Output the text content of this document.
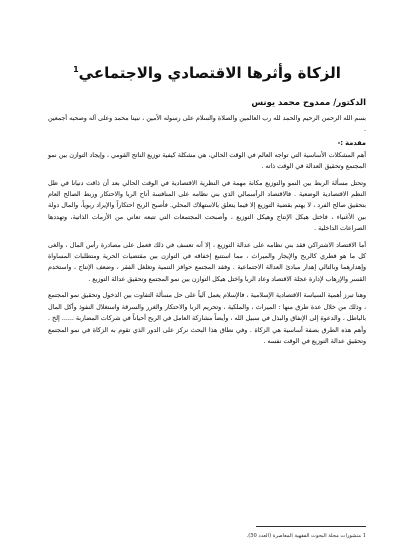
الزكاة وأثرها الاقتصادي والاجتماعي$^1$
الدكتور/ ممدوح محمد يونس

بسم الله الرحمن الرحيم والحمد لله رب العالمين والصلاة والسلام على رسوله الأمين ، نبينا محمد وعلى آله وصحبه أجمعين .

مقدمة :-

أهم المشكلات الأساسية التي تواجه العالم في الوقت الحالي، هي مشكلة كيفية توزيع الناتج القومي ، وإيجاد التوازن بين نمو المجتمع وتحقيق العدالة في الوقت ذاته .

وتحتل مسألة الربط بين النمو والتوزيع مكانة مهمة في النظرية الاقتصادية في الوقت الحالي بعد أن ذاقت دنيانا في ظل النظم الاقتصادية الوضعية . فالاقتصاد الرأسمالي الذي بني نظامه على المنافسة أتاح الربا والاحتكار وربط الصالح العام بتحقيق صالح الفرد ، لا يهتم بقضية التوزيع إلا فيما يتعلق بالاستهلاك المحلي. فأصبح الربح احتكاراً والإيراد ربوياً، والمال دولة بين الأغنياء ، فاختل هيكل الإنتاج وهيكل التوزيع ، وأصبحت المجتمعات التي تتبعه تعاني من الأزمات الذاتية، وتهددها الصراعات الداخلية .

أما الاقتصاد الاشتراكي فقد بني نظامه على عدالة التوزيع ، إلا أنه تعسف في ذلك فعمل على مصادرة رأس المال ، والغى كل ما هو فطري كالربح والإيجار والميراث ، مما استتبع إخفاقه في التوازن بين مقتضيات الحرية ومتطلبات المساواة وإهدارهما وبالتالي إهدار مبادئ العدالة الاجتماعية . وفقد المجتمع حوافز التنمية وتغلغل الفقر ، وضعف الإنتاج ، واستخدم القسر والإرهاب لإدارة عجلة الاقتصاد وعاد الربا واختل هيكل التوازن بين نمو المجتمع وتحقيق عدالة التوزيع .

وهنا تبرز أهمية السياسة الاقتصادية الإسلامية ، فالإسلام يعمل آلياً على حل مسألة التفاوت بين الدخول وتحقيق نمو المجتمع ، وذلك من خلال عدة طرق منها : الميراث ، والملكية ، وتحريم الربا والاحتكار والغرر والسرقة واستغلال النفوذ وأكل المال بالباطل ، والدعوة إلى الإنفاق والبذل في سبيل الله ، وأيضاً مشاركة العامل في الربح أحياناً في شركات المضاربة ...... إلخ . وأهم هذه الطرق بصفة أساسية هي الزكاة . وفي نطاق هذا البحث نركز على الدور الذي تقوم به الزكاة في نمو المجتمع وتحقيق عدالة التوزيع في الوقت نفسه .

1 منشورات مجلة البحوث الفقهية المعاصرة (العدد 50).
